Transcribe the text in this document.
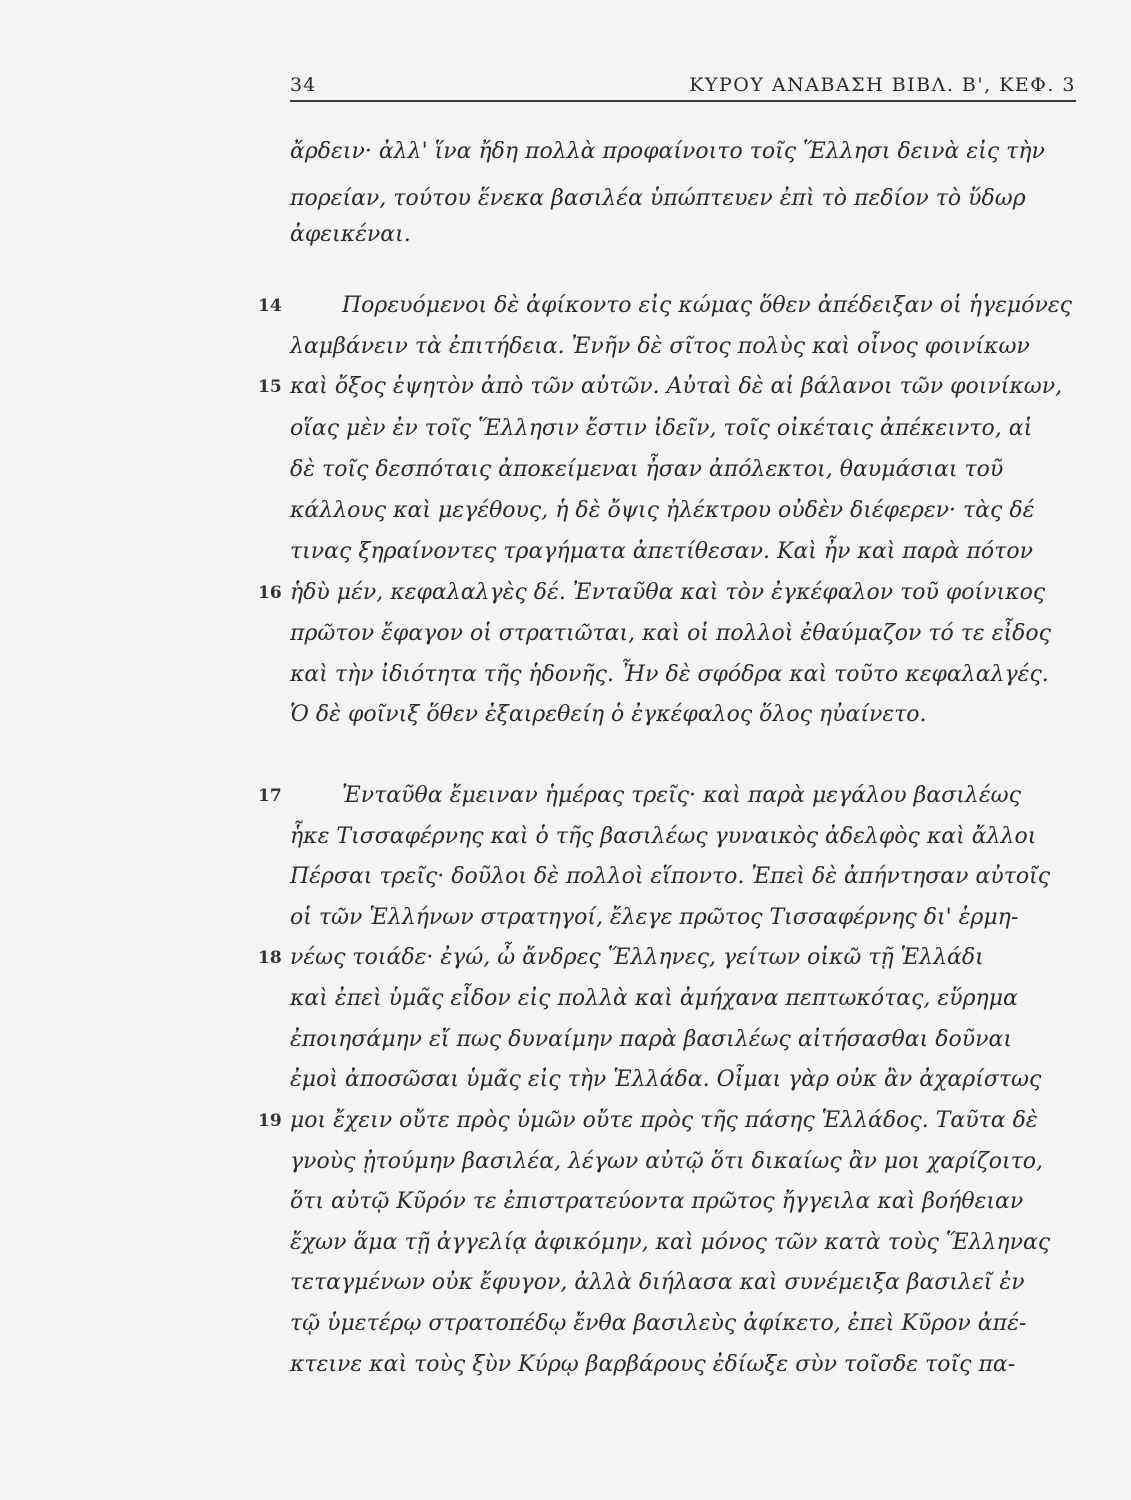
34	ΚΥΡΟΥ ΑΝΑΒΑΣΗ ΒΙΒΛ. Β', ΚΕΦ. 3
ἄρδειν· ἀλλ' ἵνα ἤδη πολλὰ προφαίνοιτο τοῖς Ἕλλησι δεινὰ εἰς τὴν
πορείαν, τούτου ἕνεκα βασιλέα ὑπώπτευεν ἐπὶ τὸ πεδίον τὸ ὕδωρ
ἀφεικέναι.
14	Πορευόμενοι δὲ ἀφίκοντο εἰς κώμας ὅθεν ἀπέδειξαν οἱ ἡγεμόνες
λαμβάνειν τὰ ἐπιτήδεια. Ἐνῆν δὲ σῖτος πολὺς καὶ οἶνος φοινίκων
15 καὶ ὄξος ἑψητὸν ἀπὸ τῶν αὐτῶν. Αὐταὶ δὲ αἱ βάλανοι τῶν φοινίκων,
οἵας μὲν ἐν τοῖς Ἕλλησιν ἔστιν ἰδεῖν, τοῖς οἰκέταις ἀπέκειντο, αἱ
δὲ τοῖς δεσπόταις ἀποκείμεναι ἦσαν ἀπόλεκτοι, θαυμάσιαι τοῦ
κάλλους καὶ μεγέθους, ἡ δὲ ὄψις ἠλέκτρου οὐδὲν διέφερεν· τὰς δέ
τινας ξηραίνοντες τραγήματα ἀπετίθεσαν. Καὶ ἦν καὶ παρὰ πότον
16 ἡδὺ μέν, κεφαλαλγὲς δέ. Ἐνταῦθα καὶ τὸν ἐγκέφαλον τοῦ φοίνικος
πρῶτον ἔφαγον οἱ στρατιῶται, καὶ οἱ πολλοὶ ἐθαύμαζον τό τε εἶδος
καὶ τὴν ἰδιότητα τῆς ἡδονῆς. Ἦν δὲ σφόδρα καὶ τοῦτο κεφαλαλγές.
Ὁ δὲ φοῖνιξ ὅθεν ἐξαιρεθείη ὁ ἐγκέφαλος ὅλος ηὐαίνετο.
17	Ἐνταῦθα ἔμειναν ἡμέρας τρεῖς· καὶ παρὰ μεγάλου βασιλέως
ἧκε Τισσαφέρνης καὶ ὁ τῆς βασιλέως γυναικὸς ἀδελφὸς καὶ ἄλλοι
Πέρσαι τρεῖς· δοῦλοι δὲ πολλοὶ εἵποντο. Ἐπεὶ δὲ ἀπήντησαν αὐτοῖς
οἱ τῶν Ἑλλήνων στρατηγοί, ἔλεγε πρῶτος Τισσαφέρνης δι' ἑρμη-
18 νέως τοιάδε· ἐγώ, ὦ ἄνδρες Ἕλληνες, γείτων οἰκῶ τῇ Ἑλλάδι
καὶ ἐπεὶ ὑμᾶς εἶδον εἰς πολλὰ καὶ ἀμήχανα πεπτωκότας, εὕρημα
ἐποιησάμην εἴ πως δυναίμην παρὰ βασιλέως αἰτήσασθαι δοῦναι
ἐμοὶ ἀποσῶσαι ὑμᾶς εἰς τὴν Ἑλλάδα. Οἶμαι γὰρ οὐκ ἂν ἀχαρίστως
19 μοι ἔχειν οὔτε πρὸς ὑμῶν οὔτε πρὸς τῆς πάσης Ἑλλάδος. Ταῦτα δὲ
γνοὺς ᾐτούμην βασιλέα, λέγων αὐτῷ ὅτι δικαίως ἂν μοι χαρίζοιτο,
ὅτι αὐτῷ Κῦρόν τε ἐπιστρατεύοντα πρῶτος ἤγγειλα καὶ βοήθειαν
ἔχων ἅμα τῇ ἀγγελίᾳ ἀφικόμην, καὶ μόνος τῶν κατὰ τοὺς Ἕλληνας
τεταγμένων οὐκ ἔφυγον, ἀλλὰ διήλασα καὶ συνέμειξα βασιλεῖ ἐν
τῷ ὑμετέρῳ στρατοπέδῳ ἔνθα βασιλεὺς ἀφίκετο, ἐπεὶ Κῦρον ἀπέ-
κτεινε καὶ τοὺς ξὺν Κύρῳ βαρβάρους ἐδίωξε σὺν τοῖσδε τοῖς πα-
